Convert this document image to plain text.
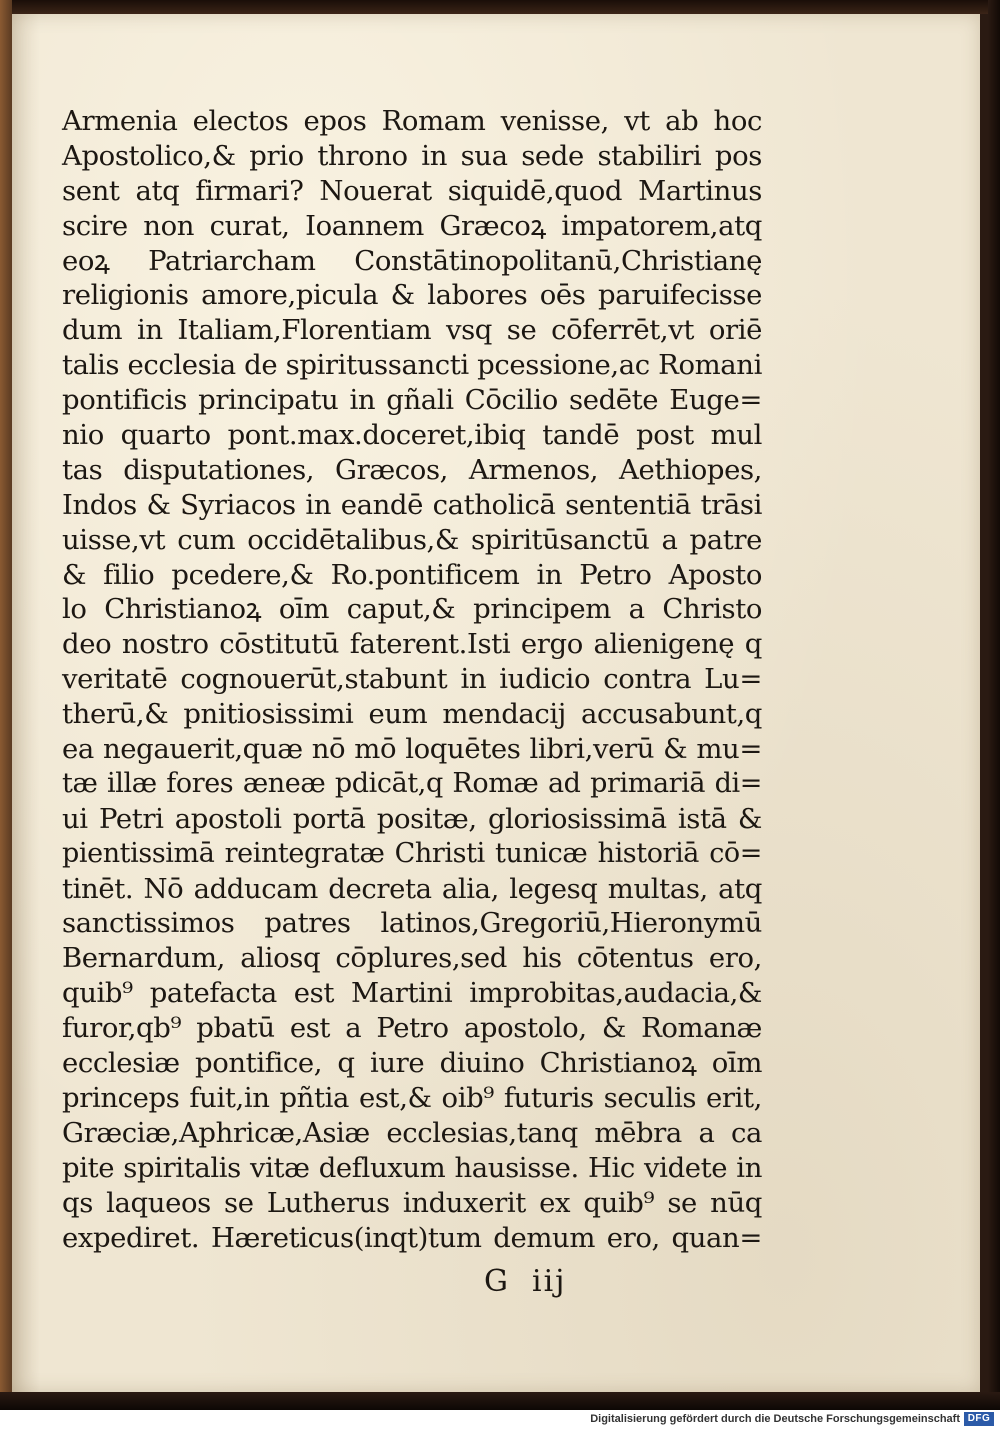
Armenia electos epos Romam venisse, vt ab hoc
Apostolico,& prio throno in sua sede stabiliri pos
sent atq firmari? Nouerat siquidē,quod Martinus
scire non curat, Ioannem Græcoꝝ impatorem,atq
eoꝝ Patriarcham Constātinopolitanū,Christianę
religionis amore,picula & labores oēs paruifecisse
dum in Italiam,Florentiam vsq se cōferrēt,vt oriē
talis ecclesia de spiritussancti pcessione,ac Romani
pontificis principatu in gñali Cōcilio sedēte Euge=
nio quarto pont.max.doceret,ibiq tandē post mul
tas disputationes, Græcos, Armenos, Aethiopes,
Indos & Syriacos in eandē catholicā sententiā trāsi
uisse,vt cum occidētalibus,& spiritūsanctū a patre
& filio pcedere,& Ro.pontificem in Petro Aposto
lo Christianoꝝ oīm caput,& principem a Christo
deo nostro cōstitutū faterent.Isti ergo alienigenę q
veritatē cognouerūt,stabunt in iudicio contra Lu=
therū,& pnitiosissimi eum mendacij accusabunt,q
ea negauerit,quæ nō mō loquētes libri,verū & mu=
tæ illæ fores æneæ pdicāt,q Romæ ad primariā di=
ui Petri apostoli portā positæ, gloriosissimā istā &
pientissimā reintegratæ Christi tunicæ historiā cō=
tinēt. Nō adducam decreta alia, legesq multas, atq
sanctissimos patres latinos,Gregoriū,Hieronymū
Bernardum, aliosq cōplures,sed his cōtentus ero,
quib⁹ patefacta est Martini improbitas,audacia,&
furor,qb⁹ pbatū est a Petro apostolo, & Romanæ
ecclesiæ pontifice, q iure diuino Christianoꝝ oīm
princeps fuit,in pñtia est,& oib⁹ futuris seculis erit,
Græciæ,Aphricæ,Asiæ ecclesias,tanq mēbra a ca
pite spiritalis vitæ defluxum hausisse. Hic videte in
qs laqueos se Lutherus induxerit ex quib⁹ se nūq
expediret. Hæreticus(inqt)tum demum ero, quan=
G iij
Digitalisierung gefördert durch die Deutsche Forschungsgemeinschaft DFG
